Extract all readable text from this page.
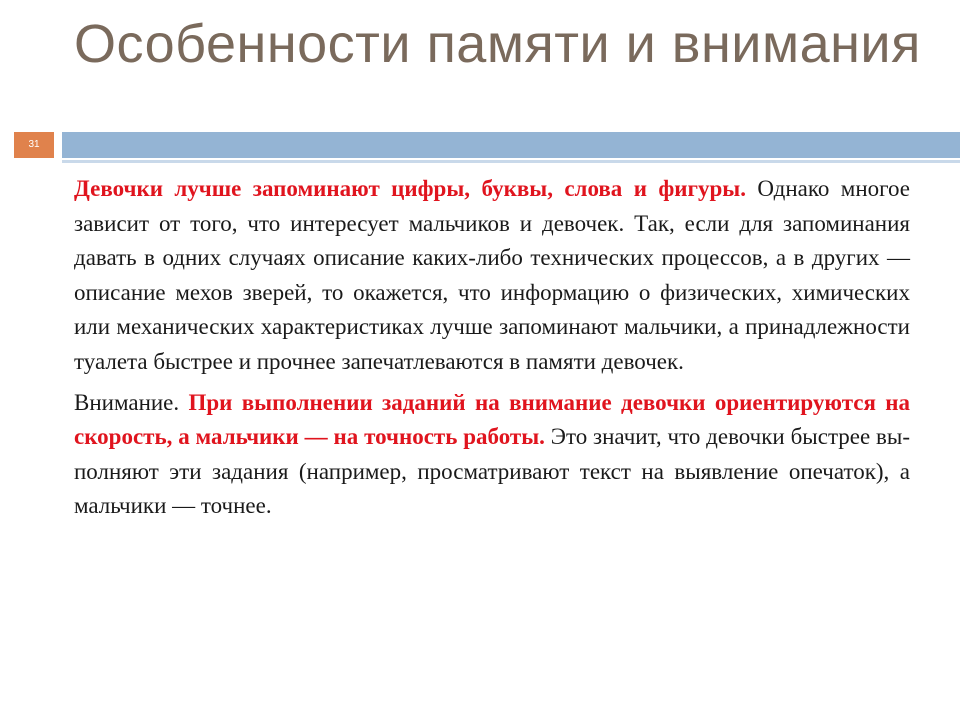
Особенности памяти и внимания
31

Девочки лучше запоминают цифры, буквы, слова и фигуры. Однако многое зависит от того, что интересует мальчиков и девочек. Так, если для запоминания давать в одних случаях описание каких-либо технических процессов, а в других — описание мехов зверей, то окажется, что информацию о физических, химических или механических характеристиках лучше запоминают мальчики, а принадлежности туалета быстрее и прочнее запечатлеваются в памяти девочек.

Внимание. При выполнении заданий на внимание девочки ориентируются на скорость, а мальчики — на точность работы. Это значит, что девочки быстрее вы- полняют эти задания (например, просматривают текст на выявление опечаток), а мальчики — точнее.
